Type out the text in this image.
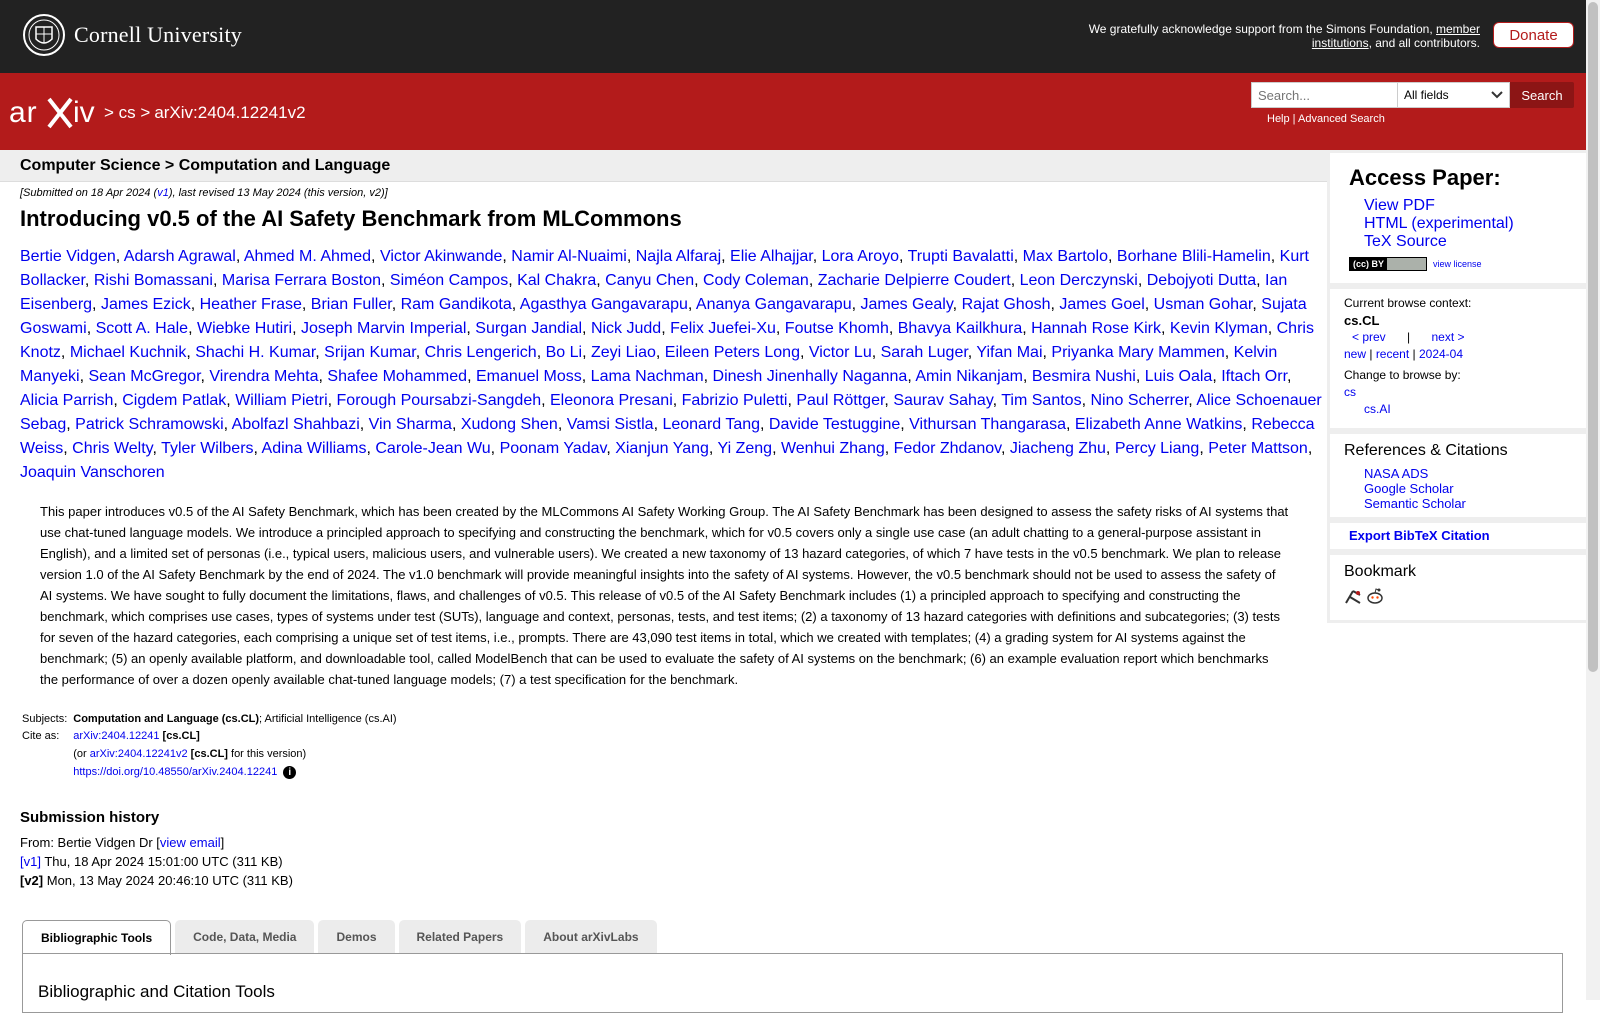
Cornell University	We gratefully acknowledge support from the Simons Foundation, member institutions, and all contributors.	Donate
ar iv > cs > arXiv:2404.12241v2
Search...
All fields	Search
Help | Advanced Search
Computer Science > Computation and Language
[Submitted on 18 Apr 2024 (v1), last revised 13 May 2024 (this version, v2)]
Introducing v0.5 of the AI Safety Benchmark from MLCommons
Bertie Vidgen, Adarsh Agrawal, Ahmed M. Ahmed, Victor Akinwande, Namir Al-Nuaimi, Najla Alfaraj, Elie Alhajjar, Lora Aroyo, Trupti Bavalatti, Max Bartolo, Borhane Blili-Hamelin, Kurt Bollacker, Rishi Bomassani, Marisa Ferrara Boston, Siméon Campos, Kal Chakra, Canyu Chen, Cody Coleman, Zacharie Delpierre Coudert, Leon Derczynski, Debojyoti Dutta, Ian Eisenberg, James Ezick, Heather Frase, Brian Fuller, Ram Gandikota, Agasthya Gangavarapu, Ananya Gangavarapu, James Gealy, Rajat Ghosh, James Goel, Usman Gohar, Sujata Goswami, Scott A. Hale, Wiebke Hutiri, Joseph Marvin Imperial, Surgan Jandial, Nick Judd, Felix Juefei-Xu, Foutse Khomh, Bhavya Kailkhura, Hannah Rose Kirk, Kevin Klyman, Chris Knotz, Michael Kuchnik, Shachi H. Kumar, Srijan Kumar, Chris Lengerich, Bo Li, Zeyi Liao, Eileen Peters Long, Victor Lu, Sarah Luger, Yifan Mai, Priyanka Mary Mammen, Kelvin Manyeki, Sean McGregor, Virendra Mehta, Shafee Mohammed, Emanuel Moss, Lama Nachman, Dinesh Jinenhally Naganna, Amin Nikanjam, Besmira Nushi, Luis Oala, Iftach Orr, Alicia Parrish, Cigdem Patlak, William Pietri, Forough Poursabzi-Sangdeh, Eleonora Presani, Fabrizio Puletti, Paul Röttger, Saurav Sahay, Tim Santos, Nino Scherrer, Alice Schoenauer Sebag, Patrick Schramowski, Abolfazl Shahbazi, Vin Sharma, Xudong Shen, Vamsi Sistla, Leonard Tang, Davide Testuggine, Vithursan Thangarasa, Elizabeth Anne Watkins, Rebecca Weiss, Chris Welty, Tyler Wilbers, Adina Williams, Carole-Jean Wu, Poonam Yadav, Xianjun Yang, Yi Zeng, Wenhui Zhang, Fedor Zhdanov, Jiacheng Zhu, Percy Liang, Peter Mattson, Joaquin Vanschoren
This paper introduces v0.5 of the AI Safety Benchmark, which has been created by the MLCommons AI Safety Working Group. The AI Safety Benchmark has been designed to assess the safety risks of AI systems that use chat-tuned language models. We introduce a principled approach to specifying and constructing the benchmark, which for v0.5 covers only a single use case (an adult chatting to a general-purpose assistant in English), and a limited set of personas (i.e., typical users, malicious users, and vulnerable users). We created a new taxonomy of 13 hazard categories, of which 7 have tests in the v0.5 benchmark. We plan to release version 1.0 of the AI Safety Benchmark by the end of 2024. The v1.0 benchmark will provide meaningful insights into the safety of AI systems. However, the v0.5 benchmark should not be used to assess the safety of AI systems. We have sought to fully document the limitations, flaws, and challenges of v0.5. This release of v0.5 of the AI Safety Benchmark includes (1) a principled approach to specifying and constructing the benchmark, which comprises use cases, types of systems under test (SUTs), language and context, personas, tests, and test items; (2) a taxonomy of 13 hazard categories with definitions and subcategories; (3) tests for seven of the hazard categories, each comprising a unique set of test items, i.e., prompts. There are 43,090 test items in total, which we created with templates; (4) a grading system for AI systems against the benchmark; (5) an openly available platform, and downloadable tool, called ModelBench that can be used to evaluate the safety of AI systems on the benchmark; (6) an example evaluation report which benchmarks the performance of over a dozen openly available chat-tuned language models; (7) a test specification for the benchmark.
Subjects:	Computation and Language (cs.CL); Artificial Intelligence (cs.AI)
Cite as:	arXiv:2404.12241 [cs.CL]
(or arXiv:2404.12241v2 [cs.CL] for this version)
https://doi.org/10.48550/arXiv.2404.12241 i
Submission history
From: Bertie Vidgen Dr [view email]
[v1] Thu, 18 Apr 2024 15:01:00 UTC (311 KB)
[v2] Mon, 13 May 2024 20:46:10 UTC (311 KB)
Bibliographic Tools	Code, Data, Media	Demos	Related Papers	About arXivLabs
Bibliographic and Citation Tools
Access Paper:
View PDF
HTML (experimental)
TeX Source
(cc) BY	view license
Current browse context:
cs.CL
< prev | next >
new | recent | 2024-04
Change to browse by:
cs
cs.AI
References & Citations
NASA ADS
Google Scholar
Semantic Scholar
Export BibTeX Citation
Bookmark
